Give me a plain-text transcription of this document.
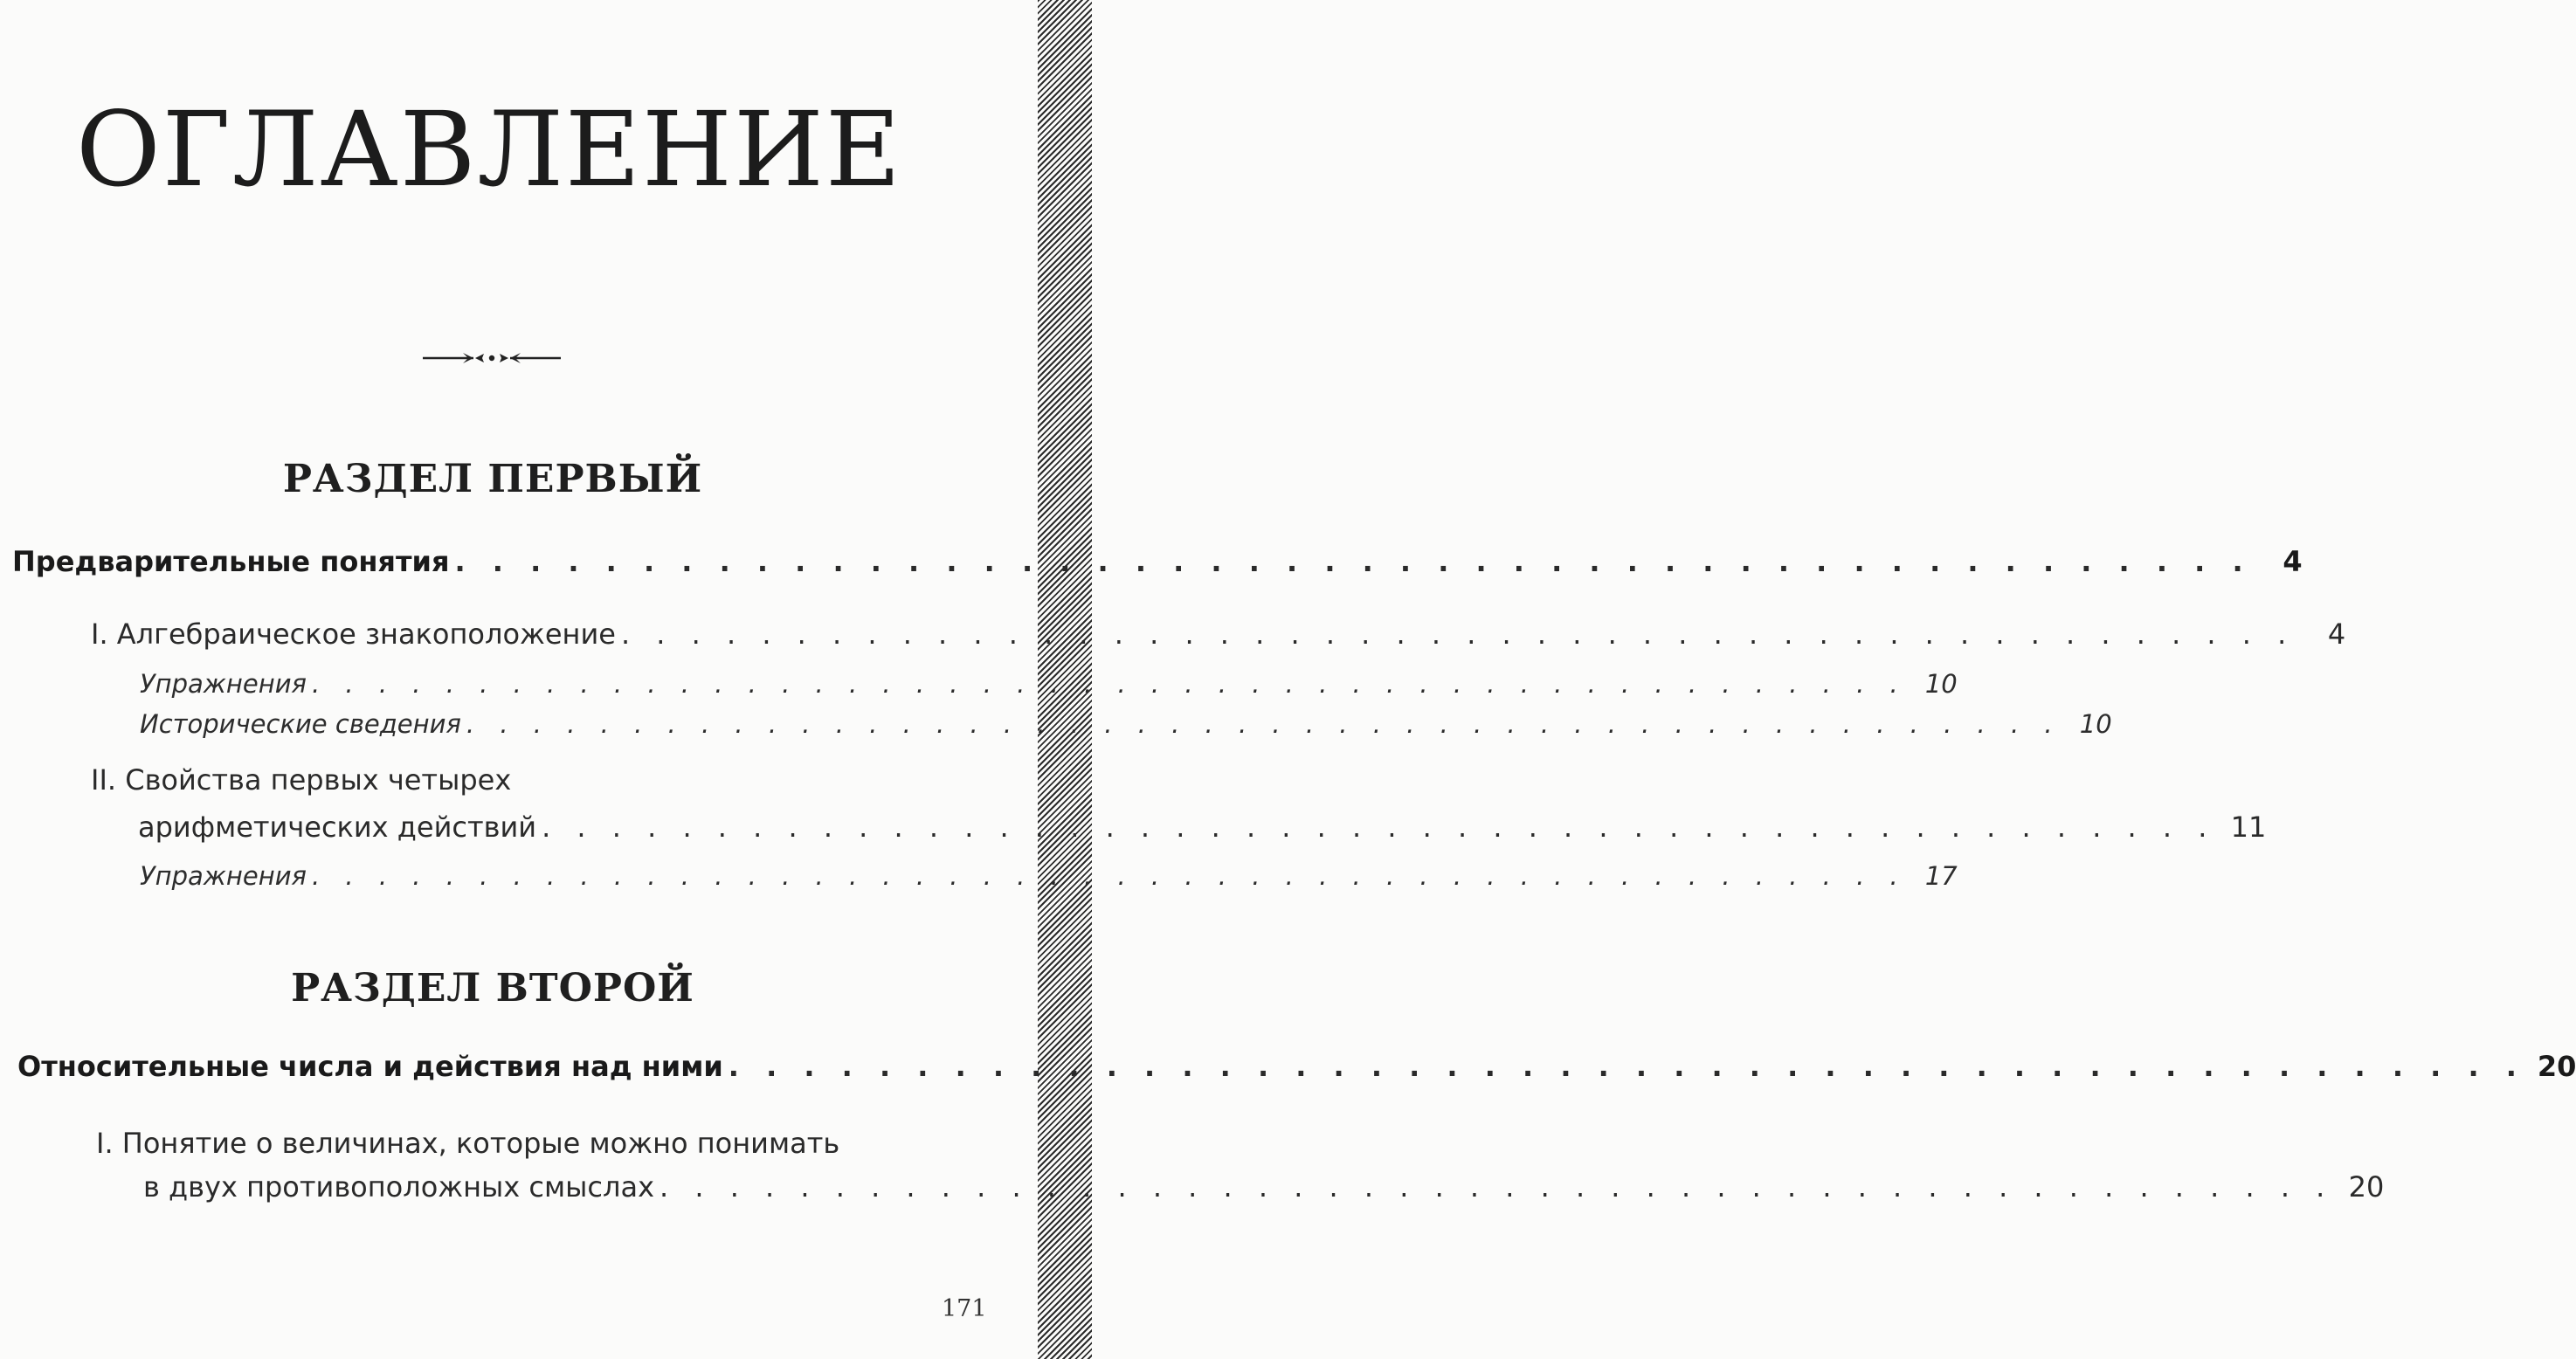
ОГЛАВЛЕНИЕ
РАЗДЕЛ ПЕРВЫЙ
Предварительные понятия . . . . . . . . . . . . . . . . . . . . . . . . . . . . . . . . . . . . . . . . . . . . . . . .	4
I. Алгебраическое знакоположение . . . . . . . . . . . . . . . . . . . . . . . . . . . . . . . . . . . . . . . . . . . . . . . .	4
Упражнения . . . . . . . . . . . . . . . . . . . . . . . . . . . . . . . . . . . . . . . . . . . . . . . . 10
Исторические сведения . . . . . . . . . . . . . . . . . . . . . . . . . . . . . . . . . . . . . . . . . . . . . . . . 10
II. Свойства первых четырех
арифметических действий . . . . . . . . . . . . . . . . . . . . . . . . . . . . . . . . . . . . . . . . . . . . . . . . 11
Упражнения . . . . . . . . . . . . . . . . . . . . . . . . . . . . . . . . . . . . . . . . . . . . . . . . 17
РАЗДЕЛ ВТОРОЙ
Относительные числа и действия над ними . . . . . . . . . . . . . . . . . . . . . . . . . . . . . . . . . . . . . . . . . . . . . . . . 20
I. Понятие о величинах, которые можно понимать
в двух противоположных смыслах . . . . . . . . . . . . . . . . . . . . . . . . . . . . . . . . . . . . . . . . . . . . . . . . 20
171
